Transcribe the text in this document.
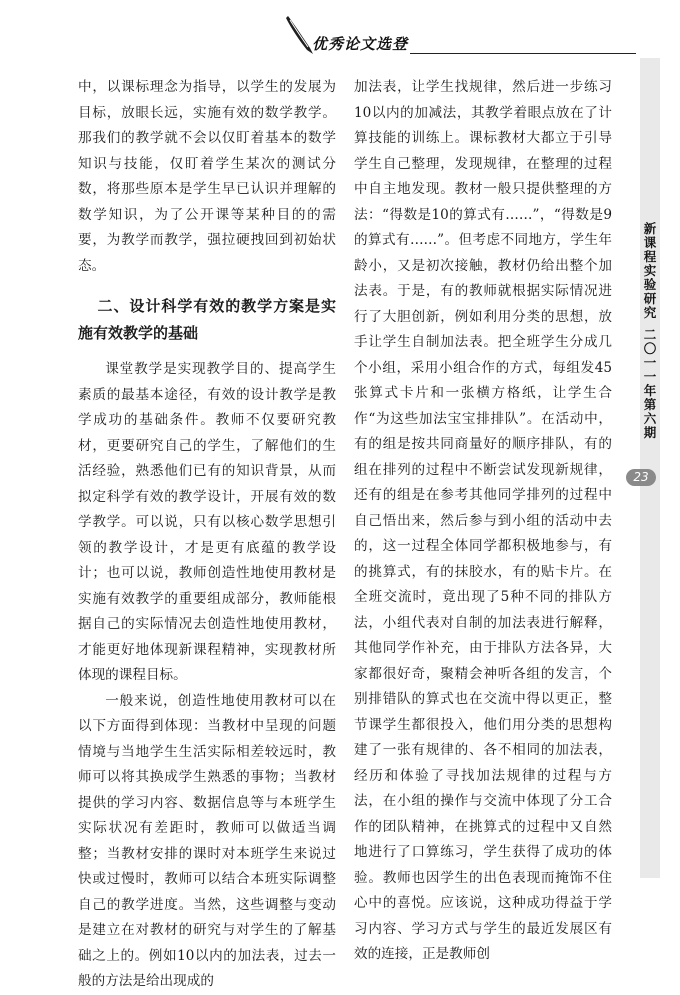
优秀论文选登

中，以课标理念为指导，以学生的发展为目标，放眼长远，实施有效的数学教学。那我们的教学就不会以仅盯着基本的数学知识与技能，仅盯着学生某次的测试分数，将那些原本是学生早已认识并理解的数学知识，为了公开课等某种目的的需要，为教学而教学，强拉硬拽回到初始状态。

二、设计科学有效的教学方案是实施有效教学的基础

课堂教学是实现教学目的、提高学生素质的最基本途径，有效的设计教学是教学成功的基础条件。教师不仅要研究教材，更要研究自己的学生，了解他们的生活经验，熟悉他们已有的知识背景，从而拟定科学有效的教学设计，开展有效的数学教学。可以说，只有以核心数学思想引领的教学设计，才是更有底蕴的教学设计；也可以说，教师创造性地使用教材是实施有效教学的重要组成部分，教师能根据自己的实际情况去创造性地使用教材，才能更好地体现新课程精神，实现教材所体现的课程目标。

一般来说，创造性地使用教材可以在以下方面得到体现：当教材中呈现的问题情境与当地学生生活实际相差较远时，教师可以将其换成学生熟悉的事物；当教材提供的学习内容、数据信息等与本班学生实际状况有差距时，教师可以做适当调整；当教材安排的课时对本班学生来说过快或过慢时，教师可以结合本班实际调整自己的教学进度。当然，这些调整与变动是建立在对教材的研究与对学生的了解基础之上的。例如10以内的加法表，过去一般的方法是给出现成的

加法表，让学生找规律，然后进一步练习10以内的加减法，其教学着眼点放在了计算技能的训练上。课标教材大都立于引导学生自己整理，发现规律，在整理的过程中自主地发现。教材一般只提供整理的方法：“得数是10的算式有……”，“得数是9的算式有……”。但考虑不同地方，学生年龄小，又是初次接触，教材仍给出整个加法表。于是，有的教师就根据实际情况进行了大胆创新，例如利用分类的思想，放手让学生自制加法表。把全班学生分成几个小组，采用小组合作的方式，每组发45张算式卡片和一张横方格纸，让学生合作“为这些加法宝宝排排队”。在活动中，有的组是按共同商量好的顺序排队，有的组在排列的过程中不断尝试发现新规律，还有的组是在参考其他同学排列的过程中自己悟出来，然后参与到小组的活动中去的，这一过程全体同学都积极地参与，有的挑算式，有的抹胶水，有的贴卡片。在全班交流时，竟出现了5种不同的排队方法，小组代表对自制的加法表进行解释，其他同学作补充，由于排队方法各异，大家都很好奇，聚精会神听各组的发言，个别排错队的算式也在交流中得以更正，整节课学生都很投入，他们用分类的思想构建了一张有规律的、各不相同的加法表，经历和体验了寻找加法规律的过程与方法，在小组的操作与交流中体现了分工合作的团队精神，在挑算式的过程中又自然地进行了口算练习，学生获得了成功的体验。教师也因学生的出色表现而掩饰不住心中的喜悦。应该说，这种成功得益于学习内容、学习方式与学生的最近发展区有效的连接，正是教师创

新课程实验研究
二〇一一年第六期
23
